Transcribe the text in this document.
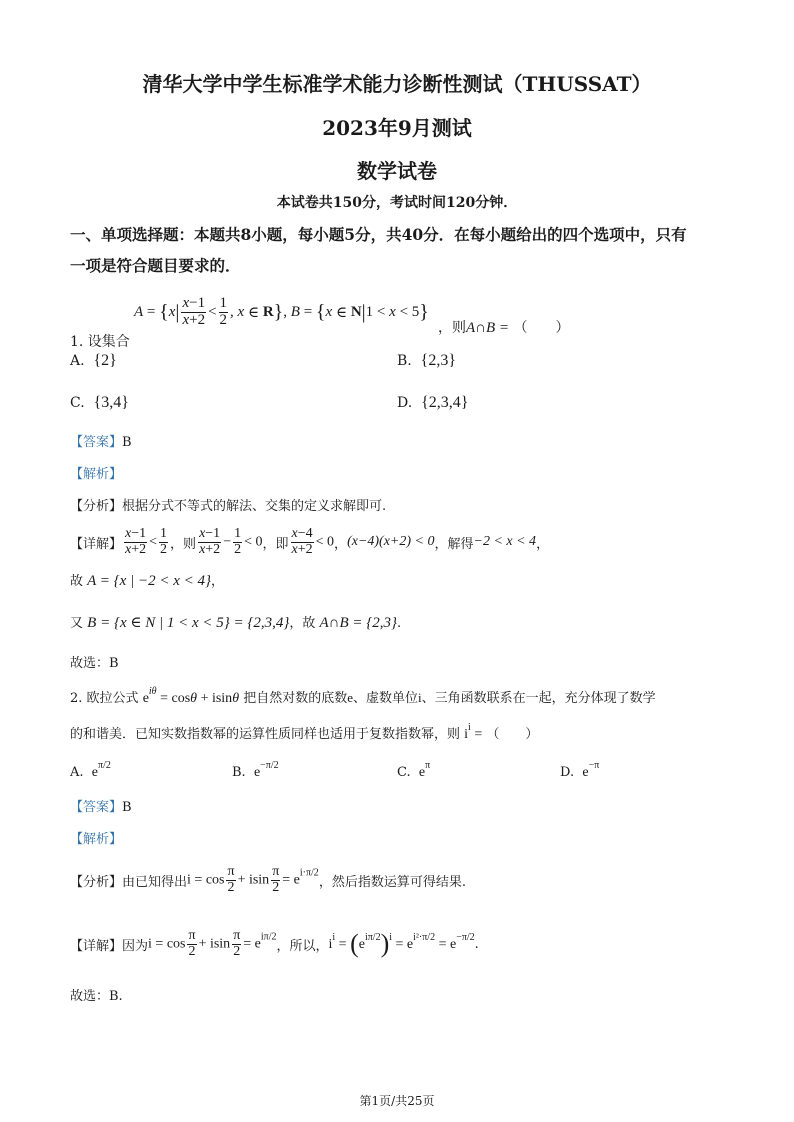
清华大学中学生标准学术能力诊断性测试（THUSSAT）
2023年9月测试
数学试卷
本试卷共150分，考试时间120分钟．
一、单项选择题：本题共8小题，每小题5分，共40分．在每小题给出的四个选项中，只有
一项是符合题目要求的．
1. 设集合
A = { x | $\frac{x-1}{x+2} < \frac{1}{2}$ , x ∈ R } , B = { x ∈ N | 1 < x < 5 }
，则A∩B = （　　）
A. {2}	B. {2,3}
C. {3,4}	D. {2,3,4}
【答案】B
【解析】
【分析】根据分式不等式的解法、交集的定义求解即可.
【详解】 $\frac{x-1}{x+2} < \frac{1}{2}$ ，则 $\frac{x-1}{x+2} - \frac{1}{2} < 0$ ，即 $\frac{x-4}{x+2} < 0$ ， (x−4)(x+2) < 0 ，解得 −2 < x < 4 ，
故 A = {x | −2 < x < 4}，
又 B = {x ∈ N | 1 < x < 5} = {2,3,4}，故 A∩B = {2,3}.
故选：B
2. 欧拉公式 $e^{i\theta} = \cos\theta + isin\theta$ 把自然对数的底数e、虚数单位i、三角函数联系在一起，充分体现了数学
的和谐美．已知实数指数幂的运算性质同样也适用于复数指数幂，则 $i^i$ = （　　）
A. $e^{\pi/2}$	B. $e^{-\pi/2}$	C. $e^\pi$	D. $e^{-\pi}$
【答案】B
【解析】
【分析】 由已知得出 $i = \cos \frac{\pi}{2} + isin \frac{\pi}{2} = e^{i\cdot\pi/2}$
，然后指数运算可得结果.
【详解】 因为 $i = \cos \frac{\pi}{2} + isin \frac{\pi}{2} = e^{i\pi/2}$
，所以， $i^i = (e^{i\pi/2})^i = e^{i^2\cdot\pi/2} = e^{-\pi/2}$ .
故选：B.
第1页/共25页
